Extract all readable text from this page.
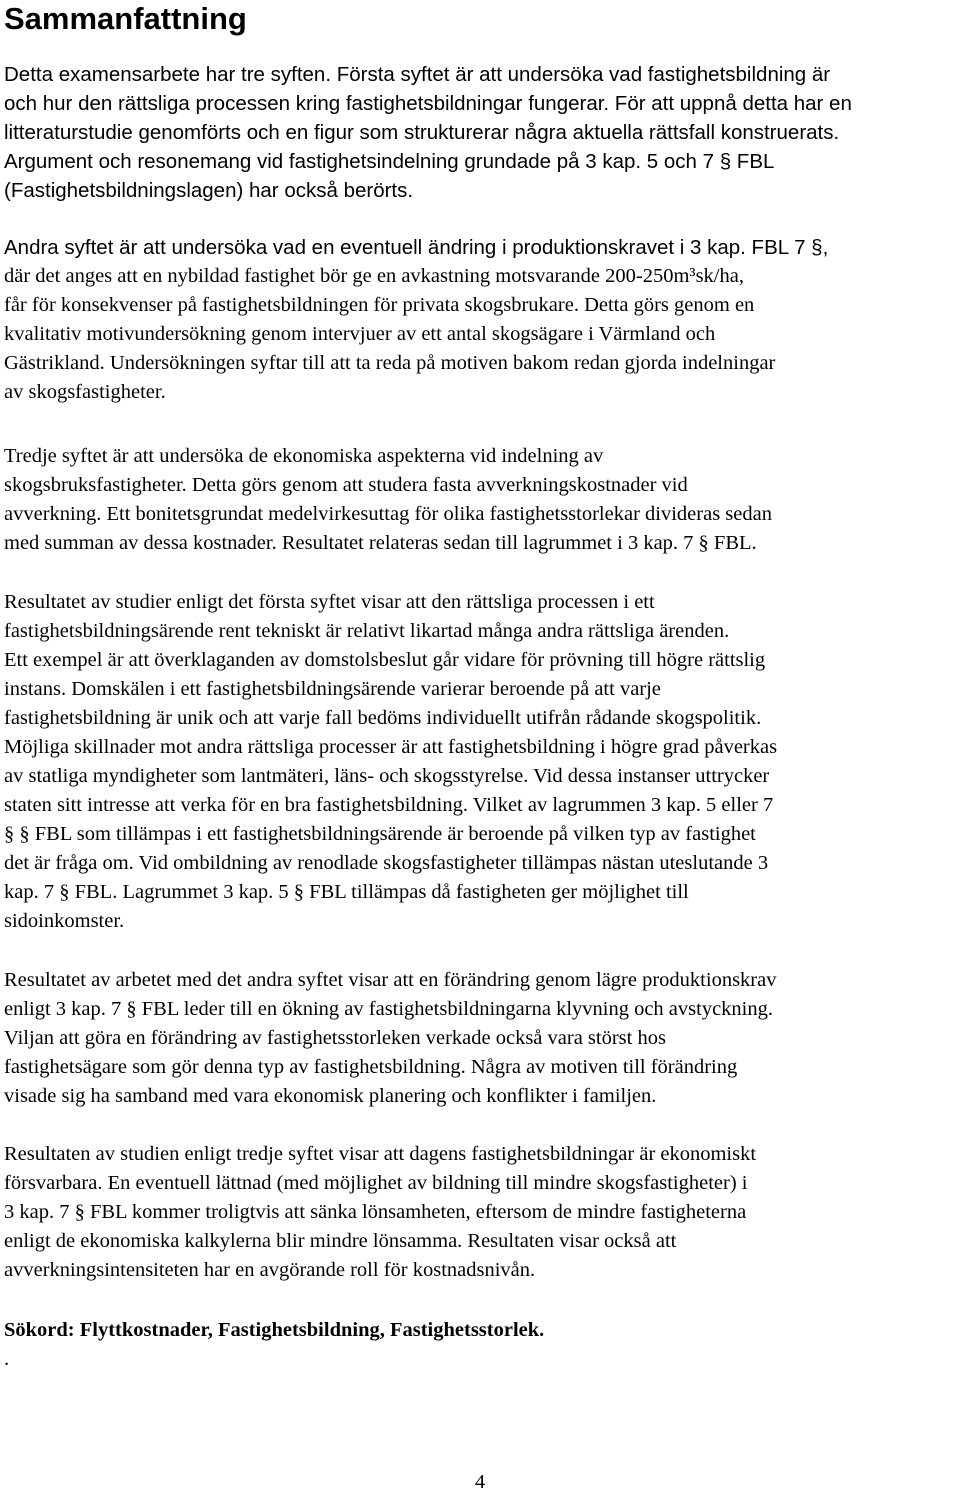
Sammanfattning

Detta examensarbete har tre syften. Första syftet är att undersöka vad fastighetsbildning är
och hur den rättsliga processen kring fastighetsbildningar fungerar. För att uppnå detta har en
litteraturstudie genomförts och en figur som strukturerar några aktuella rättsfall konstruerats.
Argument och resonemang vid fastighetsindelning grundade på 3 kap. 5 och 7 § FBL
(Fastighetsbildningslagen) har också berörts.

Andra syftet är att undersöka vad en eventuell ändring i produktionskravet i 3 kap. FBL 7 §,
där det anges att en nybildad fastighet bör ge en avkastning motsvarande 200-250m³sk/ha,
får för konsekvenser på fastighetsbildningen för privata skogsbrukare. Detta görs genom en
kvalitativ motivundersökning genom intervjuer av ett antal skogsägare i Värmland och
Gästrikland. Undersökningen syftar till att ta reda på motiven bakom redan gjorda indelningar
av skogsfastigheter.

Tredje syftet är att undersöka de ekonomiska aspekterna vid indelning av
skogsbruksfastigheter. Detta görs genom att studera fasta avverkningskostnader vid
avverkning. Ett bonitetsgrundat medelvirkesuttag för olika fastighetsstorlekar divideras sedan
med summan av dessa kostnader. Resultatet relateras sedan till lagrummet i 3 kap. 7 § FBL.

Resultatet av studier enligt det första syftet visar att den rättsliga processen i ett
fastighetsbildningsärende rent tekniskt är relativt likartad många andra rättsliga ärenden.
Ett exempel är att överklaganden av domstolsbeslut går vidare för prövning till högre rättslig
instans. Domskälen i ett fastighetsbildningsärende varierar beroende på att varje
fastighetsbildning är unik och att varje fall bedöms individuellt utifrån rådande skogspolitik.
Möjliga skillnader mot andra rättsliga processer är att fastighetsbildning i högre grad påverkas
av statliga myndigheter som lantmäteri, läns- och skogsstyrelse. Vid dessa instanser uttrycker
staten sitt intresse att verka för en bra fastighetsbildning. Vilket av lagrummen 3 kap. 5 eller 7
§ § FBL som tillämpas i ett fastighetsbildningsärende är beroende på vilken typ av fastighet
det är fråga om. Vid ombildning av renodlade skogsfastigheter tillämpas nästan uteslutande 3
kap. 7 § FBL. Lagrummet 3 kap. 5 § FBL tillämpas då fastigheten ger möjlighet till
sidoinkomster.

Resultatet av arbetet med det andra syftet visar att en förändring genom lägre produktionskrav
enligt 3 kap. 7 § FBL leder till en ökning av fastighetsbildningarna klyvning och avstyckning.
Viljan att göra en förändring av fastighetsstorleken verkade också vara störst hos
fastighetsägare som gör denna typ av fastighetsbildning. Några av motiven till förändring
visade sig ha samband med vara ekonomisk planering och konflikter i familjen.

Resultaten av studien enligt tredje syftet visar att dagens fastighetsbildningar är ekonomiskt
försvarbara. En eventuell lättnad (med möjlighet av bildning till mindre skogsfastigheter) i
3 kap. 7 § FBL kommer troligtvis att sänka lönsamheten, eftersom de mindre fastigheterna
enligt de ekonomiska kalkylerna blir mindre lönsamma. Resultaten visar också att
avverkningsintensiteten har en avgörande roll för kostnadsnivån.

Sökord: Flyttkostnader, Fastighetsbildning, Fastighetsstorlek.

.

4
